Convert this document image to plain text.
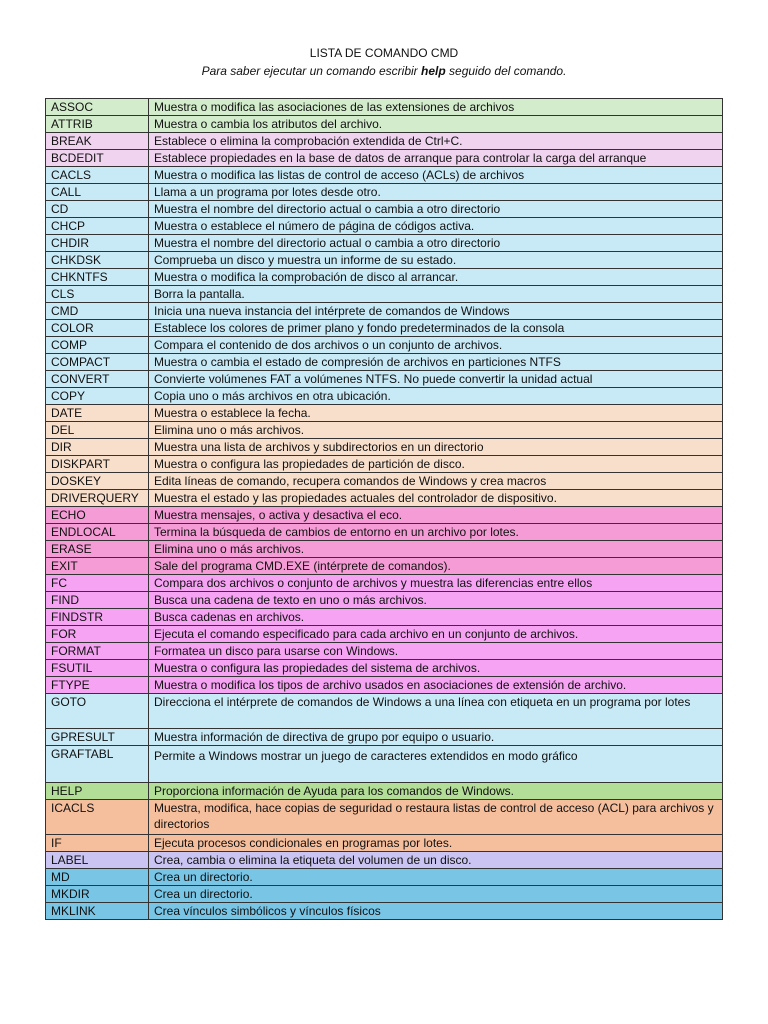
LISTA DE COMANDO CMD
Para saber ejecutar un comando escribir help seguido del comando.
ASSOC	Muestra o modifica las asociaciones de las extensiones de archivos
ATTRIB	Muestra o cambia los atributos del archivo.
BREAK	Establece o elimina la comprobación extendida de Ctrl+C.
BCDEDIT	Establece propiedades en la base de datos de arranque para controlar la carga del arranque
CACLS	Muestra o modifica las listas de control de acceso (ACLs) de archivos
CALL	Llama a un programa por lotes desde otro.
CD	Muestra el nombre del directorio actual o cambia a otro directorio
CHCP	Muestra o establece el número de página de códigos activa.
CHDIR	Muestra el nombre del directorio actual o cambia a otro directorio
CHKDSK	Comprueba un disco y muestra un informe de su estado.
CHKNTFS	Muestra o modifica la comprobación de disco al arrancar.
CLS	Borra la pantalla.
CMD	Inicia una nueva instancia del intérprete de comandos de Windows
COLOR	Establece los colores de primer plano y fondo predeterminados de la consola
COMP	Compara el contenido de dos archivos o un conjunto de archivos.
COMPACT	Muestra o cambia el estado de compresión de archivos en particiones NTFS
CONVERT	Convierte volúmenes FAT a volúmenes NTFS. No puede convertir la unidad actual
COPY	Copia uno o más archivos en otra ubicación.
DATE	Muestra o establece la fecha.
DEL	Elimina uno o más archivos.
DIR	Muestra una lista de archivos y subdirectorios en un directorio
DISKPART	Muestra o configura las propiedades de partición de disco.
DOSKEY	Edita líneas de comando, recupera comandos de Windows y crea macros
DRIVERQUERY	Muestra el estado y las propiedades actuales del controlador de dispositivo.
ECHO	Muestra mensajes, o activa y desactiva el eco.
ENDLOCAL	Termina la búsqueda de cambios de entorno en un archivo por lotes.
ERASE	Elimina uno o más archivos.
EXIT	Sale del programa CMD.EXE (intérprete de comandos).
FC	Compara dos archivos o conjunto de archivos y muestra las diferencias entre ellos
FIND	Busca una cadena de texto en uno o más archivos.
FINDSTR	Busca cadenas en archivos.
FOR	Ejecuta el comando especificado para cada archivo en un conjunto de archivos.
FORMAT	Formatea un disco para usarse con Windows.
FSUTIL	Muestra o configura las propiedades del sistema de archivos.
FTYPE	Muestra o modifica los tipos de archivo usados en asociaciones de extensión de archivo.
GOTO	Direcciona el intérprete de comandos de Windows a una línea con etiqueta en un programa por lotes
GPRESULT	Muestra información de directiva de grupo por equipo o usuario.
GRAFTABL	Permite a Windows mostrar un juego de caracteres extendidos en modo gráfico
HELP	Proporciona información de Ayuda para los comandos de Windows.
ICACLS	Muestra, modifica, hace copias de seguridad o restaura listas de control de acceso (ACL) para archivos y directorios
IF	Ejecuta procesos condicionales en programas por lotes.
LABEL	Crea, cambia o elimina la etiqueta del volumen de un disco.
MD	Crea un directorio.
MKDIR	Crea un directorio.
MKLINK	Crea vínculos simbólicos y vínculos físicos
